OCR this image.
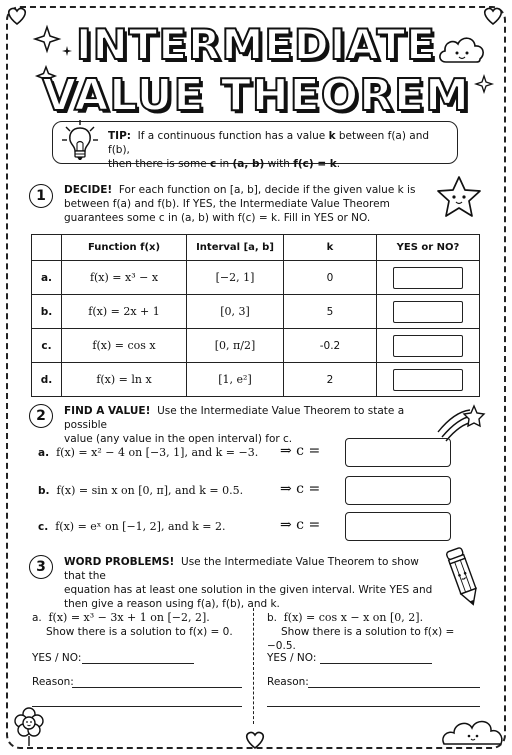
INTERMEDIATE
VALUE THEOREM
TIP: If a continuous function has a value k between f(a) and f(b),
then there is some c in (a, b) with f(c) = k.
1	DECIDE! For each function on [a, b], decide if the given value k is
between f(a) and f(b). If YES, the Intermediate Value Theorem
guarantees some c in (a, b) with f(c) = k. Fill in YES or NO.
	Function f(x)	Interval [a, b]	k	YES or NO?
a.	f(x) = x³ − x	[−2, 1]	0	
b.	f(x) = 2x + 1	[0, 3]	5	
c.	f(x) = cos x	[0, π/2]	-0.2	
d.	f(x) = ln x	[1, e²]	2	
2	FIND A VALUE! Use the Intermediate Value Theorem to state a possible
value (any value in the open interval) for c.
a. f(x) = x² − 4 on [−3, 1], and k = −3. ⇒ c =
b. f(x) = sin x on [0, π], and k = 0.5.	⇒ c =
c. f(x) = eˣ on [−1, 2], and k = 2.	⇒ c =
3	WORD PROBLEMS! Use the Intermediate Value Theorem to show that the
equation has at least one solution in the given interval. Write YES and
then give a reason using f(a), f(b), and k.
a. f(x) = x³ − 3x + 1 on [−2, 2].
Show there is a solution to f(x) = 0.
YES / NO:
Reason:
b. f(x) = cos x − x on [0, 2].
Show there is a solution to f(x) = −0.5.
YES / NO:
Reason:
